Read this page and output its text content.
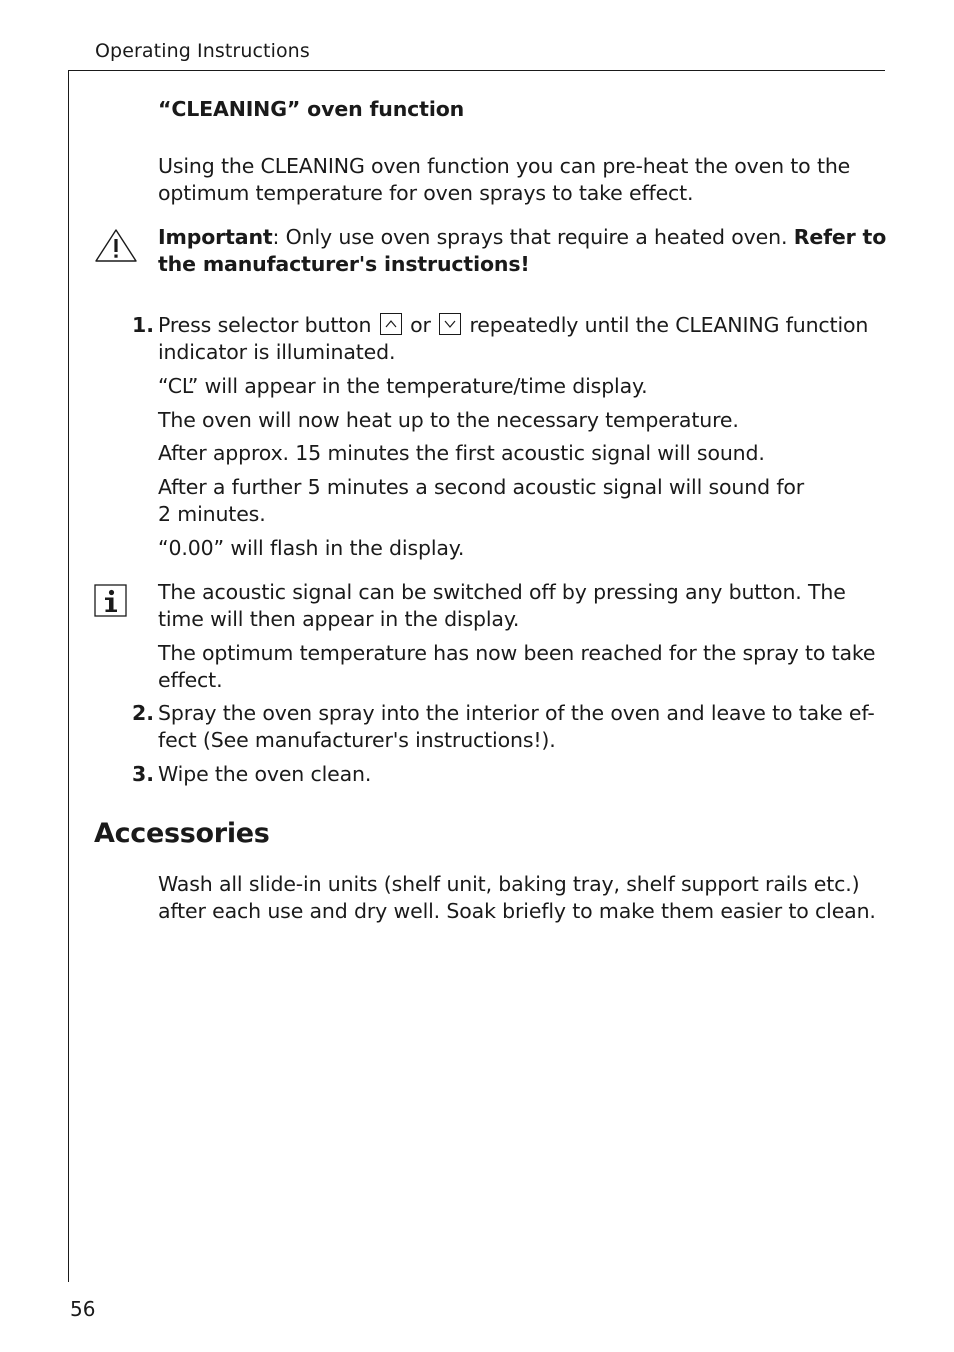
Operating Instructions
“CLEANING” oven function
Using the CLEANING oven function you can pre-heat the oven to the
optimum temperature for oven sprays to take effect.
Important: Only use oven sprays that require a heated oven. Refer to
the manufacturer's instructions!
1. Press selector button
or
repeatedly until the CLEANING function
indicator is illuminated.
“CL” will appear in the temperature/time display.
The oven will now heat up to the necessary temperature.
After approx. 15 minutes the first acoustic signal will sound.
After a further 5 minutes a second acoustic signal will sound for
2 minutes.
“0.00” will flash in the display.
The acoustic signal can be switched off by pressing any button. The
time will then appear in the display.
The optimum temperature has now been reached for the spray to take
effect.
2. Spray the oven spray into the interior of the oven and leave to take ef-
fect (See manufacturer's instructions!).
3. Wipe the oven clean.
Accessories
Wash all slide-in units (shelf unit, baking tray, shelf support rails etc.)
after each use and dry well. Soak briefly to make them easier to clean.
56
